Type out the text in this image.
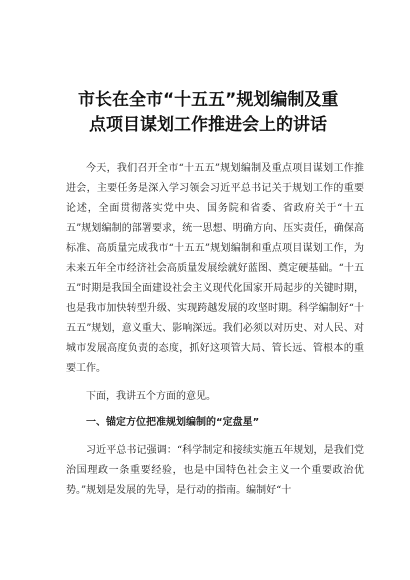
市长在全市“十五五”规划编制及重
点项目谋划工作推进会上的讲话

今天，我们召开全市“十五五”规划编制及重点项目谋划工作推进会，主要任务是深入学习领会习近平总书记关于规划工作的重要论述，全面贯彻落实党中央、国务院和省委、省政府关于“十五五”规划编制的部署要求，统一思想、明确方向、压实责任，确保高标准、高质量完成我市“十五五”规划编制和重点项目谋划工作，为未来五年全市经济社会高质量发展绘就好蓝图、奠定硬基础。“十五五”时期是我国全面建设社会主义现代化国家开局起步的关键时期，也是我市加快转型升级、实现跨越发展的攻坚时期。科学编制好“十五五”规划，意义重大、影响深远。我们必须以对历史、对人民、对城市发展高度负责的态度，抓好这项管大局、管长远、管根本的重要工作。

下面，我讲五个方面的意见。

一、锚定方位把准规划编制的“定盘星”

习近平总书记强调：“科学制定和接续实施五年规划，是我们党治国理政一条重要经验，也是中国特色社会主义一个重要政治优势。”规划是发展的先导，是行动的指南。编制好“十
